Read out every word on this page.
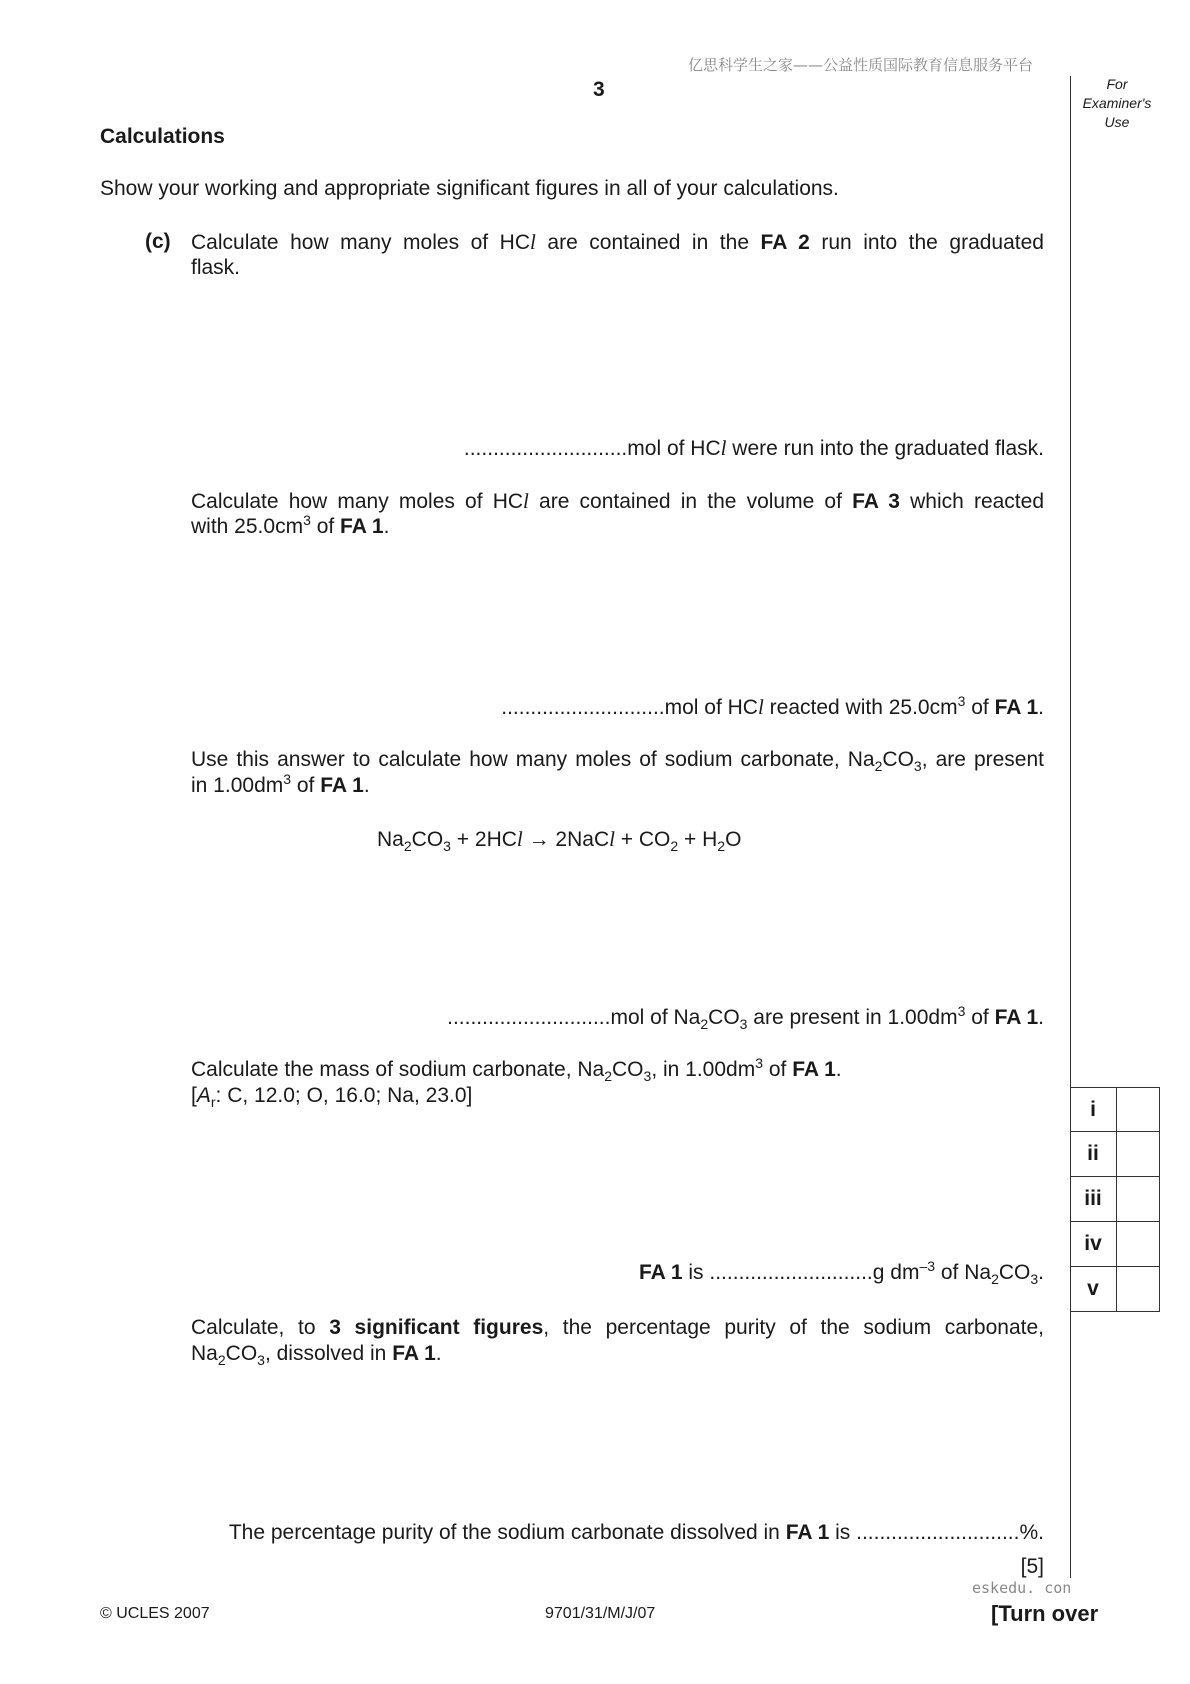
亿思科学生之家——公益性质国际教育信息服务平台
3	For
Examiner's
Use
Calculations
Show your working and appropriate significant figures in all of your calculations.
(c) Calculate how many moles of HCl are contained in the FA 2 run into the graduated
flask.
............................mol of HCl were run into the graduated flask.
Calculate how many moles of HCl are contained in the volume of FA 3 which reacted
with $25.0cm^3$ of FA 1.
............................mol of HCl reacted with $25.0cm^3$ of FA 1.
Use this answer to calculate how many moles of sodium carbonate, $Na_2CO_3$, are present
in $1.00dm^3$ of FA 1.
$Na_2CO_3 + 2HCl$ → 2NaCl + $CO_2 + H_2O$
............................mol of $Na_2CO_3$ are present in $1.00dm^3$ of FA 1.
Calculate the mass of sodium carbonate, $Na_2CO_3$, in $1.00dm^3$ of FA 1.
[$A_r$: C, 12.0; O, 16.0; Na, 23.0]
FA 1 is ............................g $dm^{-3}$ of $Na_2CO_3$.
Calculate, to 3 significant figures, the percentage purity of the sodium carbonate,
$Na_2CO_3$, dissolved in FA 1.
The percentage purity of the sodium carbonate dissolved in FA 1 is ............................%.
[5]
i
ii
iii
iv
v
eskedu. con
© UCLES 2007	9701/31/M/J/07	[Turn over
